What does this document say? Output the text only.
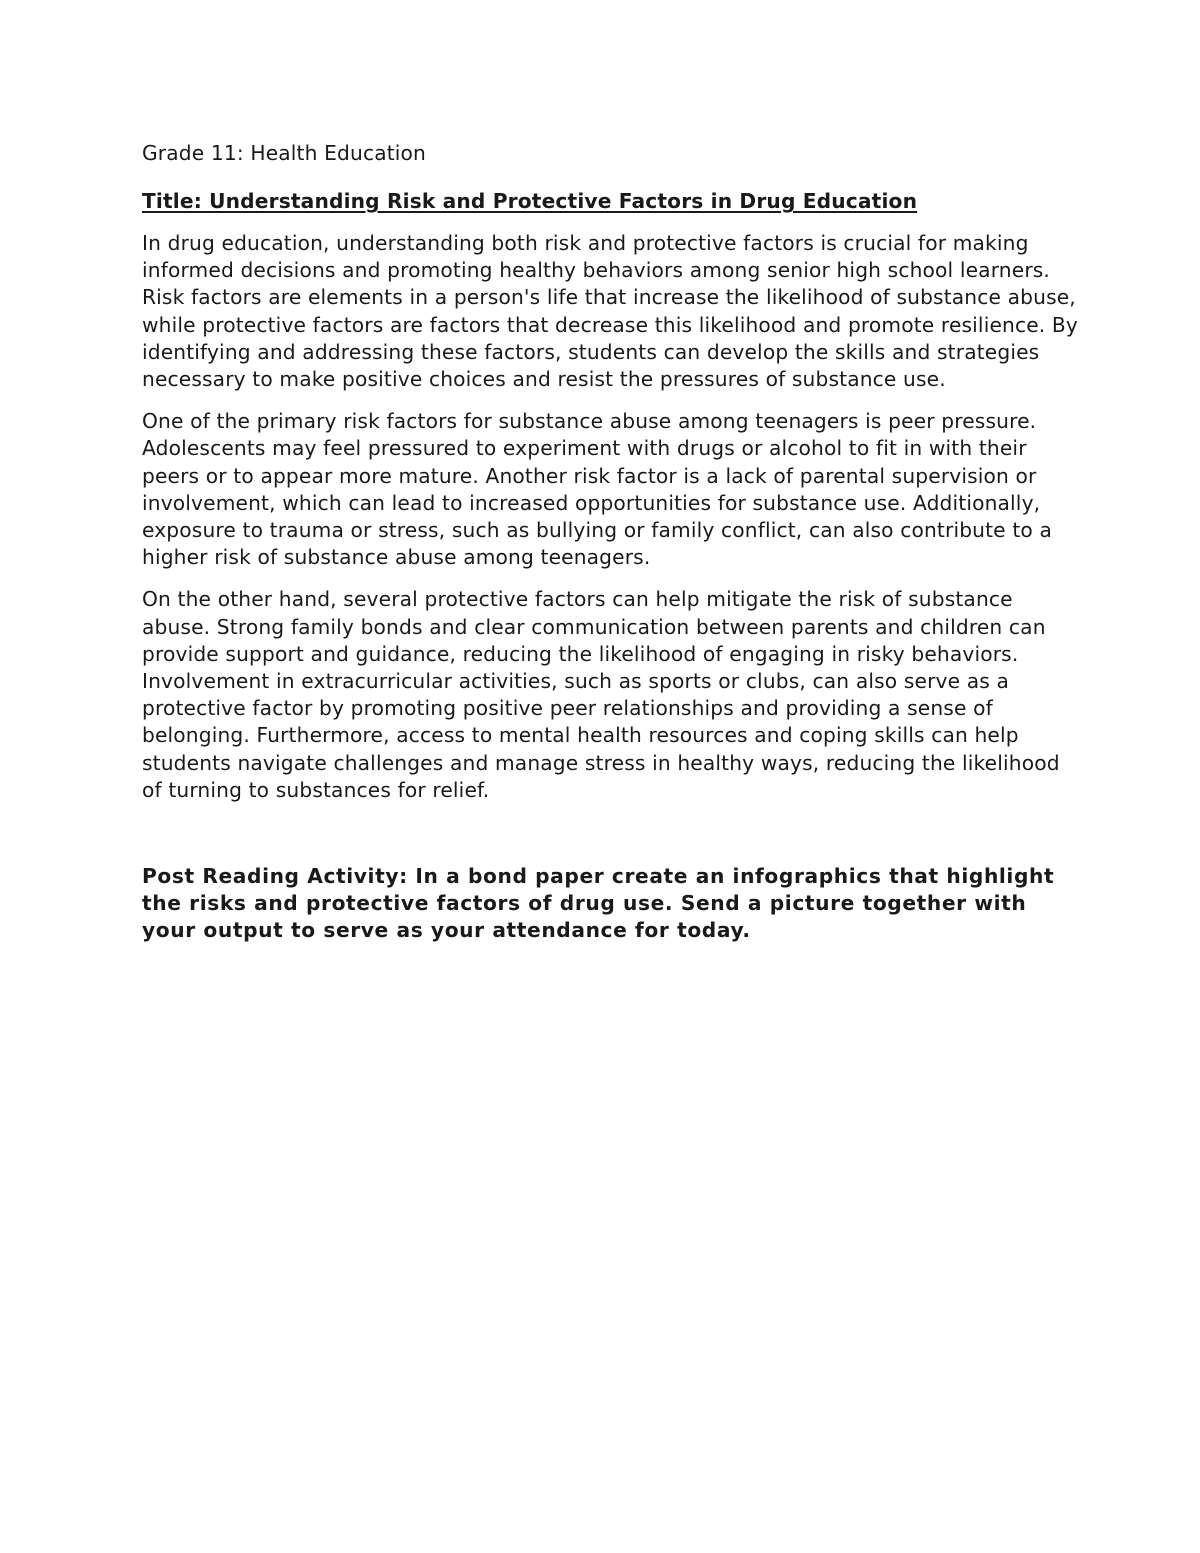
Grade 11: Health Education
Title: Understanding Risk and Protective Factors in Drug Education

In drug education, understanding both risk and protective factors is crucial for making informed decisions and promoting healthy behaviors among senior high school learners. Risk factors are elements in a person's life that increase the likelihood of substance abuse, while protective factors are factors that decrease this likelihood and promote resilience. By identifying and addressing these factors, students can develop the skills and strategies necessary to make positive choices and resist the pressures of substance use.

One of the primary risk factors for substance abuse among teenagers is peer pressure. Adolescents may feel pressured to experiment with drugs or alcohol to fit in with their peers or to appear more mature. Another risk factor is a lack of parental supervision or involvement, which can lead to increased opportunities for substance use. Additionally, exposure to trauma or stress, such as bullying or family conflict, can also contribute to a higher risk of substance abuse among teenagers.

On the other hand, several protective factors can help mitigate the risk of substance abuse. Strong family bonds and clear communication between parents and children can provide support and guidance, reducing the likelihood of engaging in risky behaviors. Involvement in extracurricular activities, such as sports or clubs, can also serve as a protective factor by promoting positive peer relationships and providing a sense of belonging. Furthermore, access to mental health resources and coping skills can help students navigate challenges and manage stress in healthy ways, reducing the likelihood of turning to substances for relief.

Post Reading Activity: In a bond paper create an infographics that highlight the risks and protective factors of drug use. Send a picture together with your output to serve as your attendance for today.
